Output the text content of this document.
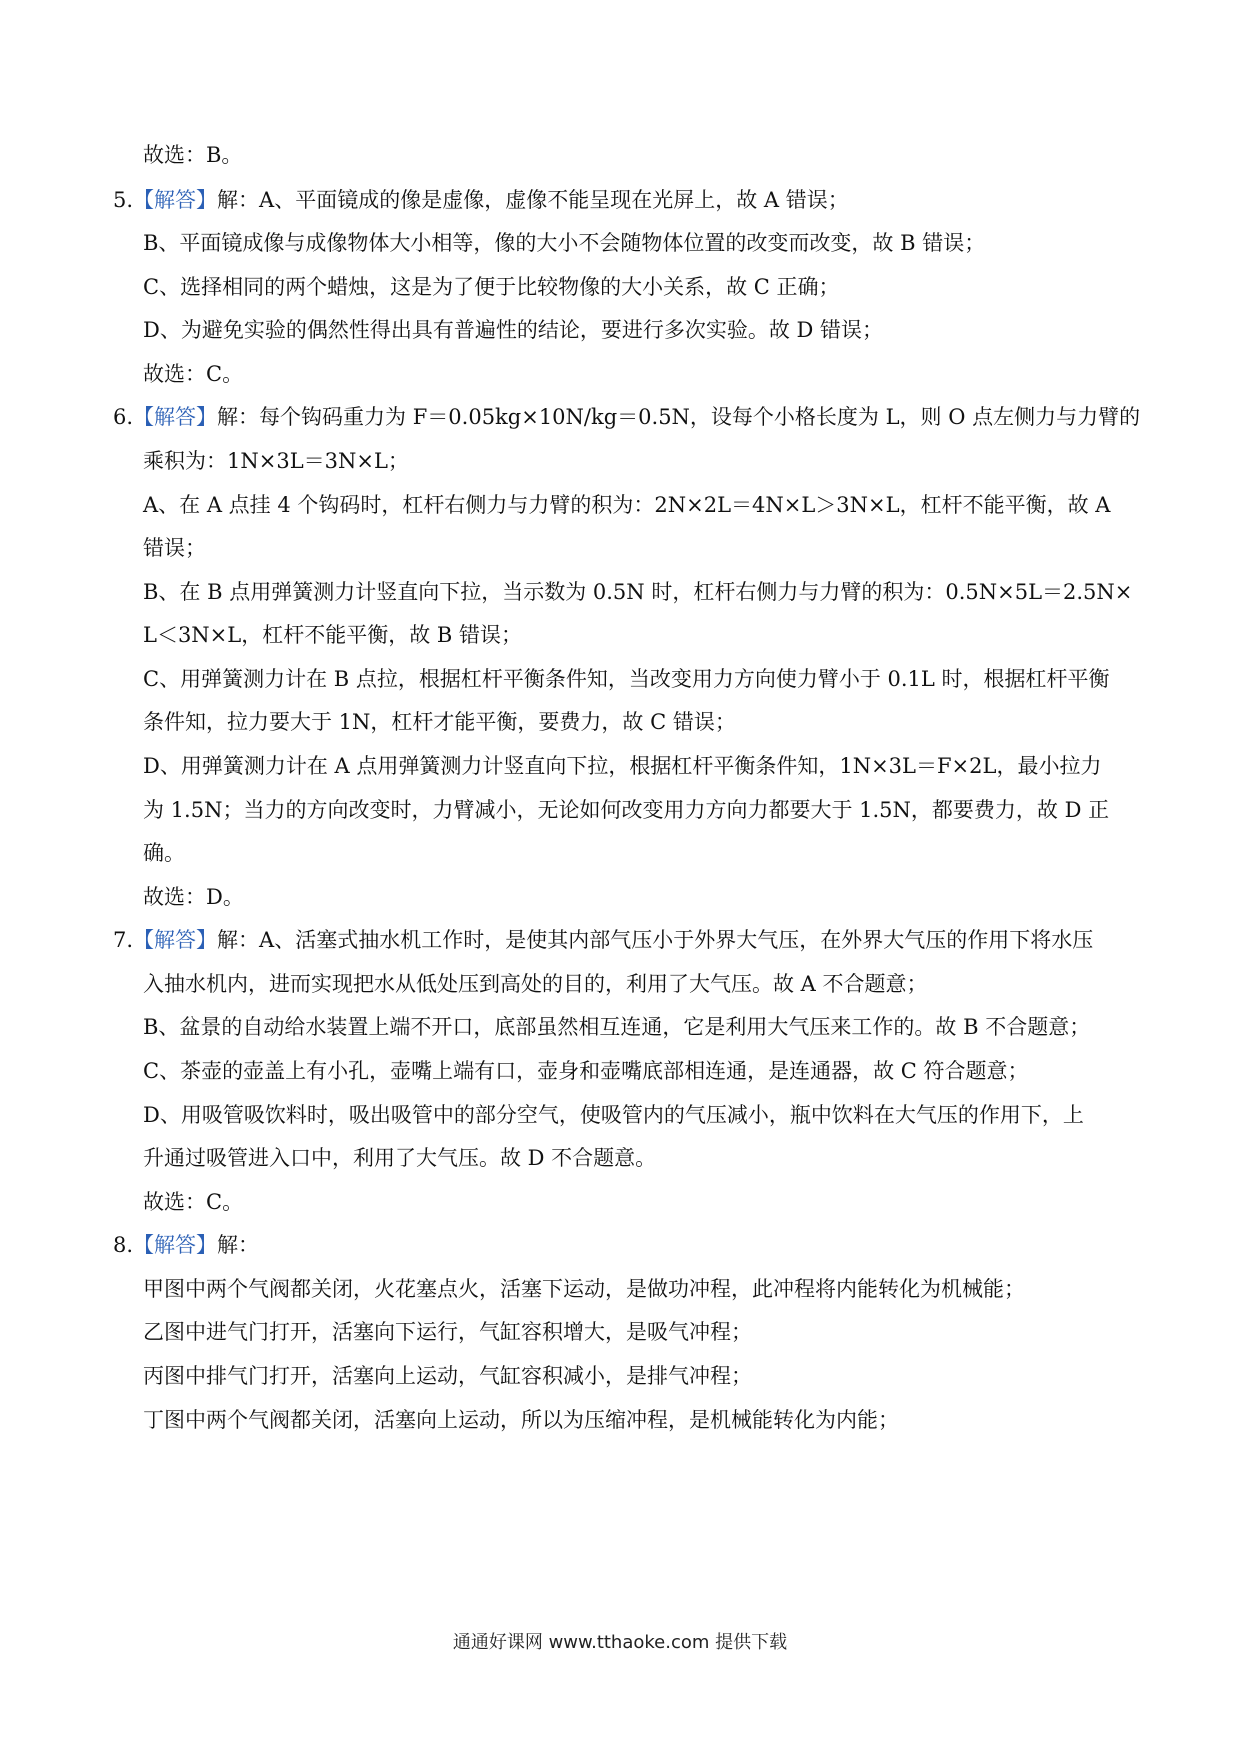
故选：B。
5.【解答】解：A、平面镜成的像是虚像，虚像不能呈现在光屏上，故 A 错误；
B、平面镜成像与成像物体大小相等，像的大小不会随物体位置的改变而改变，故 B 错误；
C、选择相同的两个蜡烛，这是为了便于比较物像的大小关系，故 C 正确；
D、为避免实验的偶然性得出具有普遍性的结论，要进行多次实验。故 D 错误；
故选：C。
6.【解答】解：每个钩码重力为 F＝0.05kg×10N/kg＝0.5N，设每个小格长度为 L，则 O 点左侧力与力臂的
乘积为：1N×3L＝3N×L；
A、在 A 点挂 4 个钩码时，杠杆右侧力与力臂的积为：2N×2L＝4N×L＞3N×L，杠杆不能平衡，故 A
错误；
B、在 B 点用弹簧测力计竖直向下拉，当示数为 0.5N 时，杠杆右侧力与力臂的积为：0.5N×5L＝2.5N×
L＜3N×L，杠杆不能平衡，故 B 错误；
C、用弹簧测力计在 B 点拉，根据杠杆平衡条件知，当改变用力方向使力臂小于 0.1L 时，根据杠杆平衡
条件知，拉力要大于 1N，杠杆才能平衡，要费力，故 C 错误；
D、用弹簧测力计在 A 点用弹簧测力计竖直向下拉，根据杠杆平衡条件知，1N×3L＝F×2L，最小拉力
为 1.5N；当力的方向改变时，力臂减小，无论如何改变用力方向力都要大于 1.5N，都要费力，故 D 正
确。
故选：D。
7.【解答】解：A、活塞式抽水机工作时，是使其内部气压小于外界大气压，在外界大气压的作用下将水压
入抽水机内，进而实现把水从低处压到高处的目的，利用了大气压。故 A 不合题意；
B、盆景的自动给水装置上端不开口，底部虽然相互连通，它是利用大气压来工作的。故 B 不合题意；
C、茶壶的壶盖上有小孔，壶嘴上端有口，壶身和壶嘴底部相连通，是连通器，故 C 符合题意；
D、用吸管吸饮料时，吸出吸管中的部分空气，使吸管内的气压减小，瓶中饮料在大气压的作用下，上
升通过吸管进入口中，利用了大气压。故 D 不合题意。
故选：C。
8.【解答】解：
甲图中两个气阀都关闭，火花塞点火，活塞下运动，是做功冲程，此冲程将内能转化为机械能；
乙图中进气门打开，活塞向下运行，气缸容积增大，是吸气冲程；
丙图中排气门打开，活塞向上运动，气缸容积减小，是排气冲程；
丁图中两个气阀都关闭，活塞向上运动，所以为压缩冲程，是机械能转化为内能；
通通好课网 www.tthaoke.com 提供下载
